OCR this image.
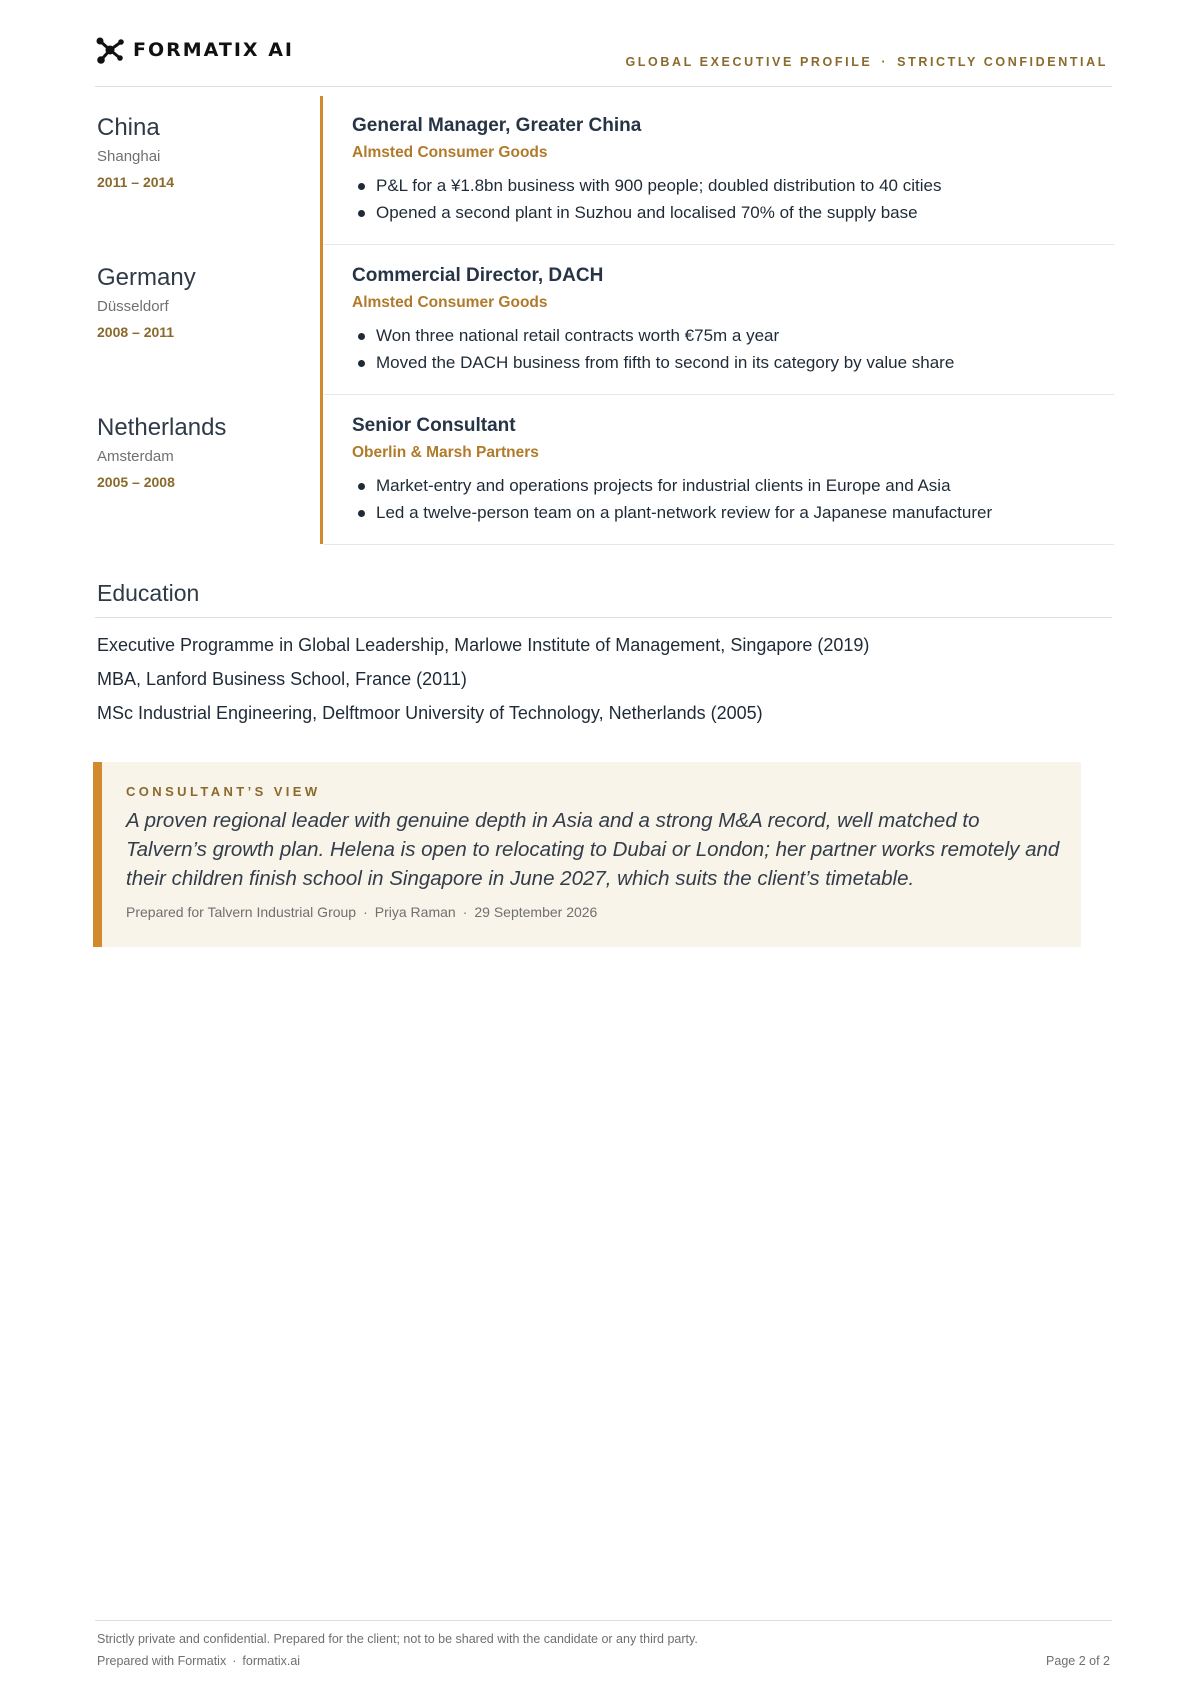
FORMATIX AI
GLOBAL EXECUTIVE PROFILE · STRICTLY CONFIDENTIAL
China
Shanghai
2011 – 2014
General Manager, Greater China
Almsted Consumer Goods
P&L for a ¥1.8bn business with 900 people; doubled distribution to 40 cities
Opened a second plant in Suzhou and localised 70% of the supply base
Germany
Düsseldorf
2008 – 2011
Commercial Director, DACH
Almsted Consumer Goods
Won three national retail contracts worth €75m a year
Moved the DACH business from fifth to second in its category by value share
Netherlands
Amsterdam
2005 – 2008
Senior Consultant
Oberlin & Marsh Partners
Market-entry and operations projects for industrial clients in Europe and Asia
Led a twelve-person team on a plant-network review for a Japanese manufacturer
Education
Executive Programme in Global Leadership, Marlowe Institute of Management, Singapore (2019)
MBA, Lanford Business School, France (2011)
MSc Industrial Engineering, Delftmoor University of Technology, Netherlands (2005)
CONSULTANT’S VIEW
A proven regional leader with genuine depth in Asia and a strong M&A record, well matched to Talvern’s growth plan. Helena is open to relocating to Dubai or London; her partner works remotely and their children finish school in Singapore in June 2027, which suits the client’s timetable.
Prepared for Talvern Industrial Group · Priya Raman · 29 September 2026
Strictly private and confidential. Prepared for the client; not to be shared with the candidate or any third party.
Prepared with Formatix · formatix.ai	Page 2 of 2
